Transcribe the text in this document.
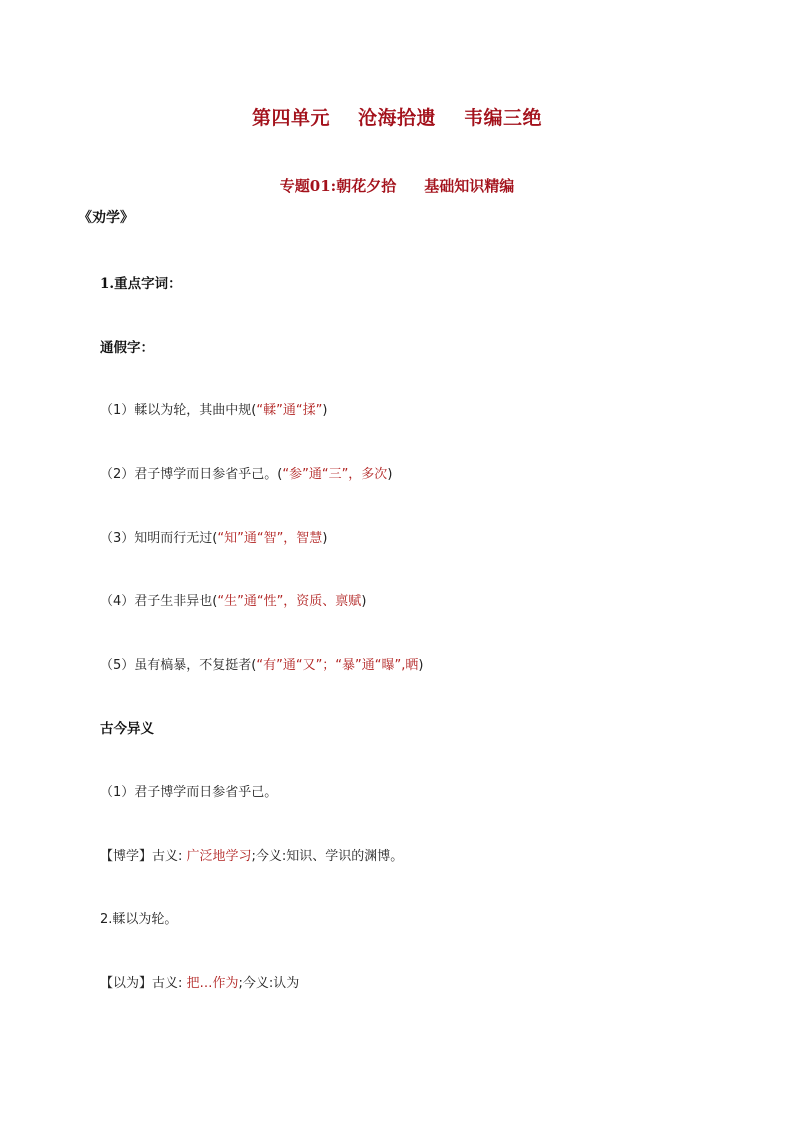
第四单元 沧海拾遗 韦编三绝
专题01:朝花夕拾 基础知识精编
《劝学》
1.重点字词：
通假字：
（1）輮以为轮，其曲中规(“輮”通“揉”)
（2）君子博学而日参省乎己。(“参”通“三”，多次)
（3）知明而行无过(“知”通“智”，智慧)
（4）君子生非异也(“生”通“性”，资质、禀赋)
（5）虽有槁暴，不复挺者(“有”通“又”；“暴”通“曝”,晒)
古今异义
（1）君子博学而日参省乎己。
【博学】古义: 广泛地学习;今义:知识、学识的渊博。
2.輮以为轮。
【以为】古义: 把…作为;今义:认为
